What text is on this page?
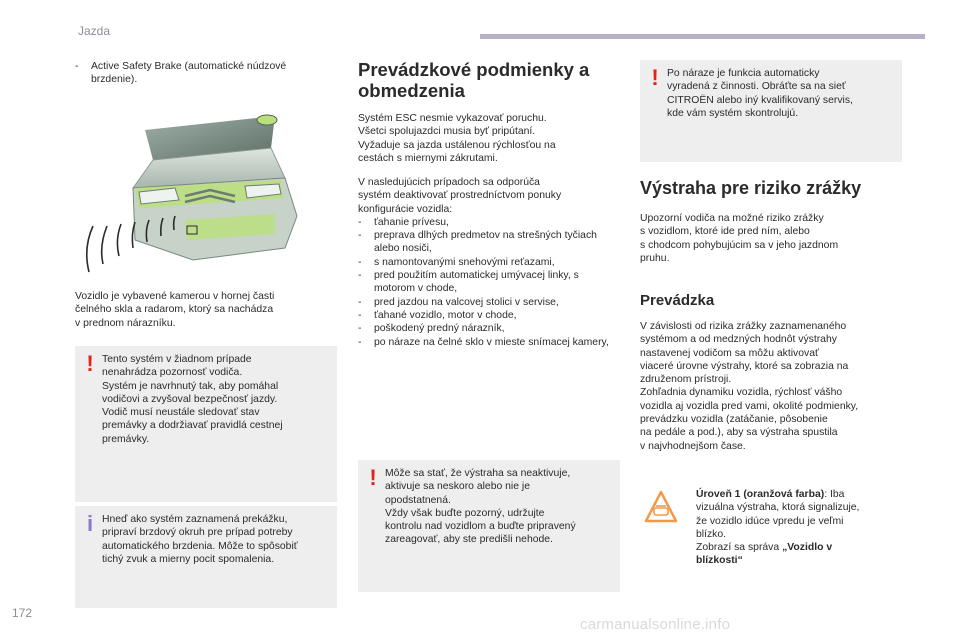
Jazda
- Active Safety Brake (automatické núdzové brzdenie).
Vozidlo je vybavené kamerou v hornej časti
čelného skla a radarom, ktorý sa nachádza
v prednom nárazníku.
! Tento systém v žiadnom prípade
nenahrádza pozornosť vodiča.
Systém je navrhnutý tak, aby pomáhal
vodičovi a zvyšoval bezpečnosť jazdy.
Vodič musí neustále sledovať stav
premávky a dodržiavať pravidlá cestnej
premávky.
i Hneď ako systém zaznamená prekážku,
pripraví brzdový okruh pre prípad potreby
automatického brzdenia. Môže to spôsobiť
tichý zvuk a mierny pocit spomalenia.
Prevádzkové podmienky a
obmedzenia
Systém ESC nesmie vykazovať poruchu.
Všetci spolujazdci musia byť pripútaní.
Vyžaduje sa jazda ustálenou rýchlosťou na
cestách s miernymi zákrutami.
V nasledujúcich prípadoch sa odporúča
systém deaktivovať prostredníctvom ponuky
konfigurácie vozidla:
- ťahanie prívesu,
- preprava dlhých predmetov na strešných tyčiach alebo nosiči,
- s namontovanými snehovými reťazami,
- pred použitím automatickej umývacej linky, s motorom v chode,
- pred jazdou na valcovej stolici v servise,
- ťahané vozidlo, motor v chode,
- poškodený predný nárazník,
- po náraze na čelné sklo v mieste snímacej kamery,
! Môže sa stať, že výstraha sa neaktivuje,
aktivuje sa neskoro alebo nie je
opodstatnená.
Vždy však buďte pozorný, udržujte
kontrolu nad vozidlom a buďte pripravený
zareagovať, aby ste predišli nehode.
! Po náraze je funkcia automaticky
vyradená z činnosti. Obráťte sa na sieť
CITROËN alebo iný kvalifikovaný servis,
kde vám systém skontrolujú.
Výstraha pre riziko zrážky
Upozorní vodiča na možné riziko zrážky
s vozidlom, ktoré ide pred ním, alebo
s chodcom pohybujúcim sa v jeho jazdnom
pruhu.
Prevádzka
V závislosti od rizika zrážky zaznamenaného
systémom a od medzných hodnôt výstrahy
nastavenej vodičom sa môžu aktivovať
viaceré úrovne výstrahy, ktoré sa zobrazia na
združenom prístroji.
Zohľadnia dynamiku vozidla, rýchlosť vášho
vozidla aj vozidla pred vami, okolité podmienky,
prevádzku vozidla (zatáčanie, pôsobenie
na pedále a pod.), aby sa výstraha spustila
v najvhodnejšom čase.
Úroveň 1 (oranžová farba): Iba
vizuálna výstraha, ktorá signalizuje,
že vozidlo idúce vpredu je veľmi
blízko.
Zobrazí sa správa „Vozidlo v
blízkosti“
172
carmanualsonline.info
